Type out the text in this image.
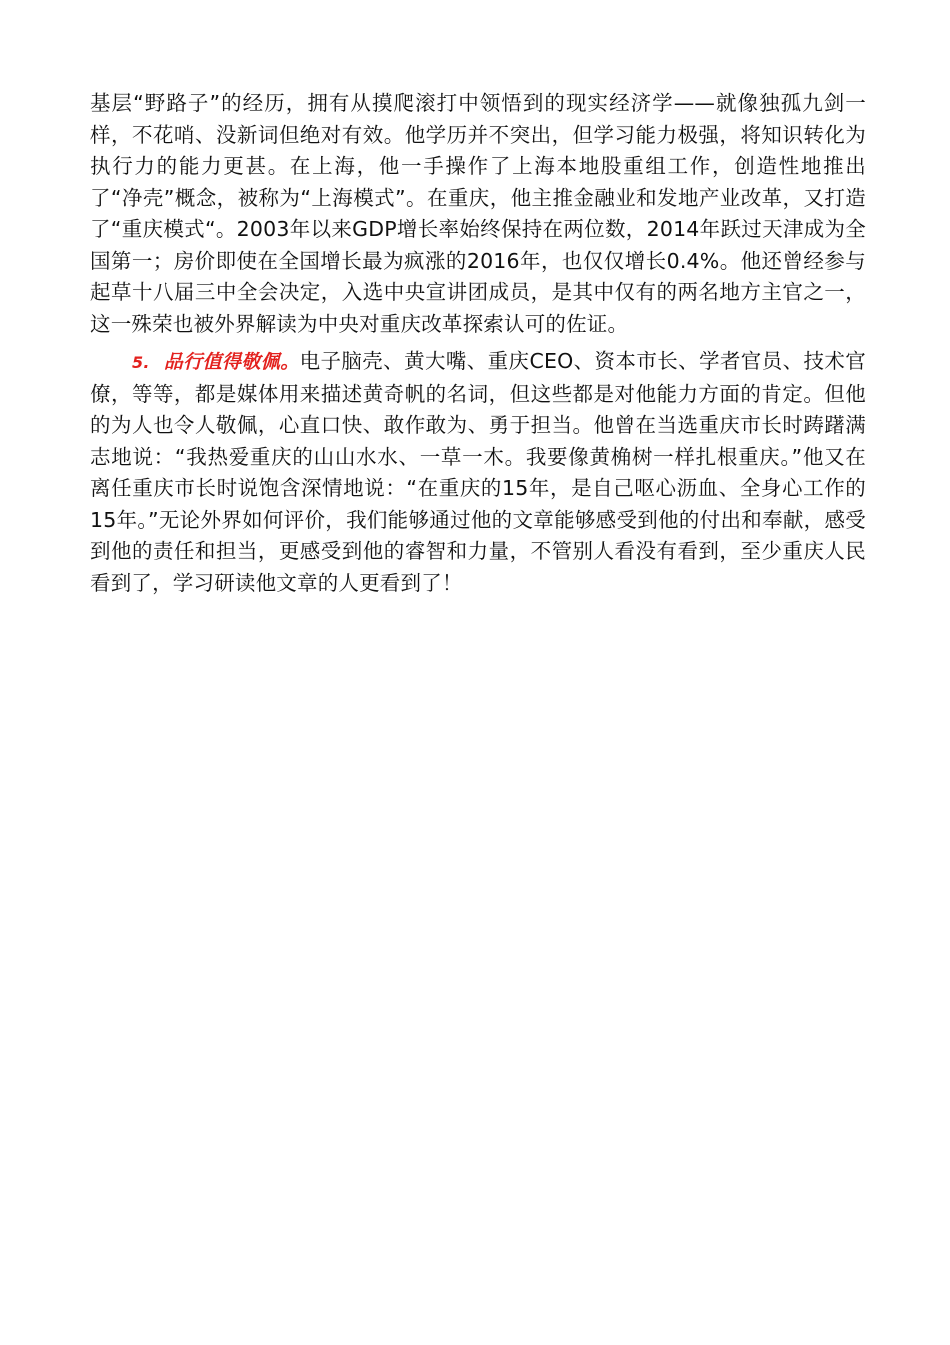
基层“野路子”的经历，拥有从摸爬滚打中领悟到的现实经济学——就像独孤九剑一样，不花哨、没新词但绝对有效。他学历并不突出，但学习能力极强，将知识转化为执行力的能力更甚。在上海，他一手操作了上海本地股重组工作，创造性地推出了“净壳”概念，被称为“上海模式”。在重庆，他主推金融业和发地产业改革，又打造了“重庆模式“。2003年以来GDP增长率始终保持在两位数，2014年跃过天津成为全国第一；房价即使在全国增长最为疯涨的2016年，也仅仅增长0.4%。他还曾经参与起草十八届三中全会决定，入选中央宣讲团成员，是其中仅有的两名地方主官之一，这一殊荣也被外界解读为中央对重庆改革探索认可的佐证。

5. 品行值得敬佩。电子脑壳、黄大嘴、重庆CEO、资本市长、学者官员、技术官僚，等等，都是媒体用来描述黄奇帆的名词，但这些都是对他能力方面的肯定。但他的为人也令人敬佩，心直口快、敢作敢为、勇于担当。他曾在当选重庆市长时踌躇满志地说：“我热爱重庆的山山水水、一草一木。我要像黄桷树一样扎根重庆。”他又在离任重庆市长时说饱含深情地说：“在重庆的15年，是自己呕心沥血、全身心工作的15年。”无论外界如何评价，我们能够通过他的文章能够感受到他的付出和奉献，感受到他的责任和担当，更感受到他的睿智和力量，不管别人看没有看到，至少重庆人民看到了，学习研读他文章的人更看到了！
